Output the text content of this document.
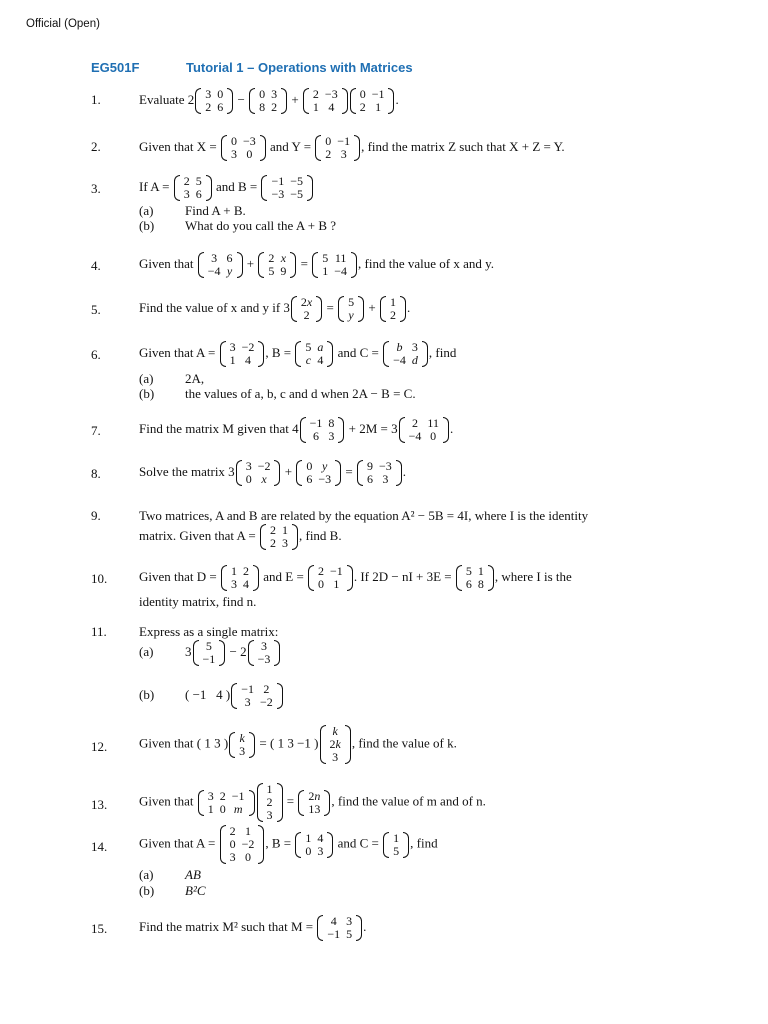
Official (Open)
EG501F	Tutorial 1 – Operations with Matrices
1.	Evaluate 2 3	0
2	6
− 0	3
8	2
+ 2	−3
1	4
0	−1
2	1
.
2.	Given that X = 0	−3
3	0
and Y = 0	−1
2	3
, find the matrix Z such that X + Z = Y.
3.	If A = 2	5
3	6
and B = −1	−5
−3	−5
(a) Find A + B.
(b) What do you call the A + B ?
4.	Given that 3	6
−4	y
+ 2	x
5	9
= 5	11
1	−4
, find the value of x and y.
5.	Find the value of x and y if 3 2x
2
= 5
y
+ 1
2
.
6.	Given that A = 3	−2
1	4
, B = 5	a
c	4
and C = b	3
−4	d
, find
(a) 2A,
(b) the values of a, b, c and d when 2A − B = C.
7.	Find the matrix M given that 4 −1	8
6	3
+ 2M = 3 2	11
−4	0
.
8.	Solve the matrix 3 3	−2
0	x
+ 0	y
6	−3
= 9	−3
6	3
.
9.	Two matrices, A and B are related by the equation A² − 5B = 4I, where I is the identity
matrix. Given that A = 2	1
2	3
, find B.
10.	Given that D = 1	2
3	4
and E = 2	−1
0	1
. If 2D − nI + 3E = 5	1
6	8
, where I is the
identity matrix, find n.
11.	Express as a single matrix:
(a) 3 5
−1
− 2 3
−3
(b) ( −1   4 ) −1	2
3	−2
12.	Given that ( 1 3 ) k
3
= ( 1 3 −1 )
k
2k
3
, find the value of k.
13.	Given that 3	2	−1
1	0	m
1
2
3
= 2n
13
, find the value of m and of n.
14.	Given that A =
2	1
0	−2
3	0
, B = 1	4
0	3
and C = 1
5
, find
(a) AB
(b) B²C
15.	Find the matrix M² such that M = 4	3
−1	5
.
